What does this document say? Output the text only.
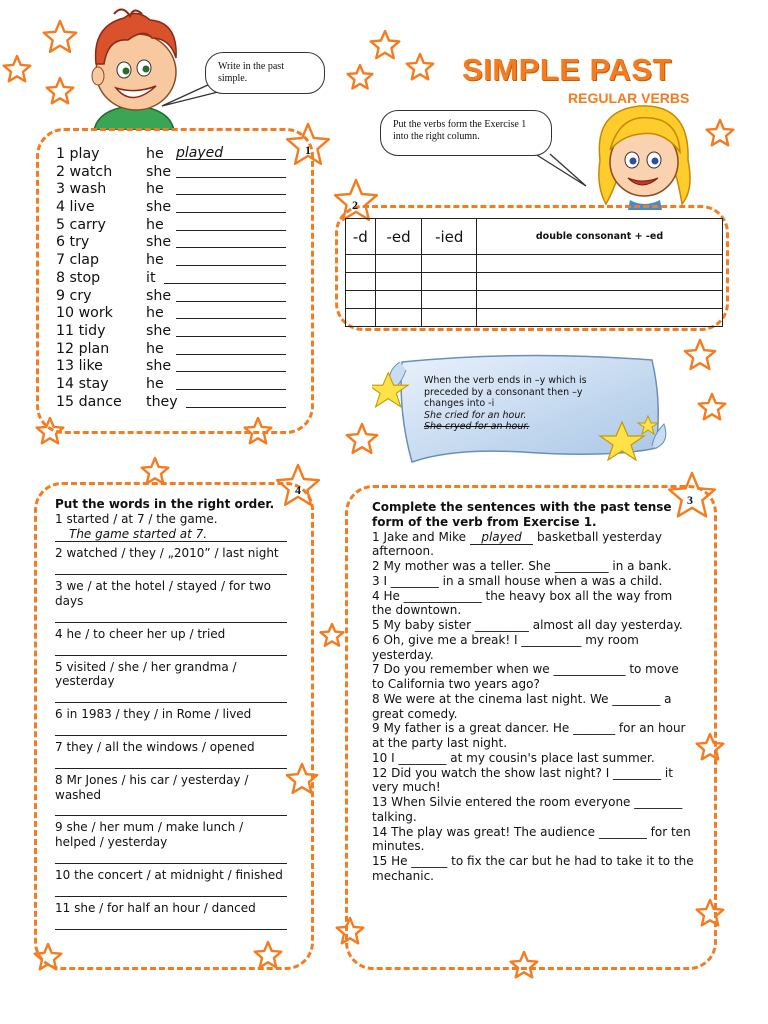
SIMPLE PAST
REGULAR VERBS
Write in the past simple.
Put the verbs form the Exercise 1 into the right column.
1 play	he played
2 watch she
3 wash	he
4 live	she
5 carry	he
6 try	she
7 clap	he
8 stop	it
9 cry	she
10 work he
11 tidy	she
12 plan	he
13 like	she
14 stay	he
15 dance they
-d	-ed	-ied	double consonant + -ed

When the verb ends in –y which is preceded by a consonant then –y changes into -i
She cried for an hour.
She cryed for an hour.
Put the words in the right order.
1 started / at 7 / the game.
The game started at 7.
2 watched / they / „2010” / last night
3 we / at the hotel / stayed / for two days
4 he / to cheer her up / tried
5 visited / she / her grandma / yesterday
6 in 1983 / they / in Rome / lived
7 they / all the windows / opened
8 Mr Jones / his car / yesterday / washed
9 she / her mum / make lunch / helped / yesterday
10 the concert / at midnight / finished
11 she / for half an hour / danced
Complete the sentences with the past tense form of the verb from Exercise 1.
1 Jake and Mike played basketball yesterday afternoon.
2 My mother was a teller. She _________ in a bank.
3 I ________ in a small house when a was a child.
4 He _____________ the heavy box all the way from the downtown.
5 My baby sister _________ almost all day yesterday.
6 Oh, give me a break! I __________ my room yesterday.
7 Do you remember when we ____________ to move to California two years ago?
8 We were at the cinema last night. We ________ a great comedy.
9 My father is a great dancer. He _______ for an hour at the party last night.
10 I ________ at my cousin's place last summer.
12 Did you watch the show last night? I ________ it very much!
13 When Silvie entered the room everyone ________ talking.
14 The play was great! The audience ________ for ten minutes.
15 He ______ to fix the car but he had to take it to the mechanic.
1
2
3
4
